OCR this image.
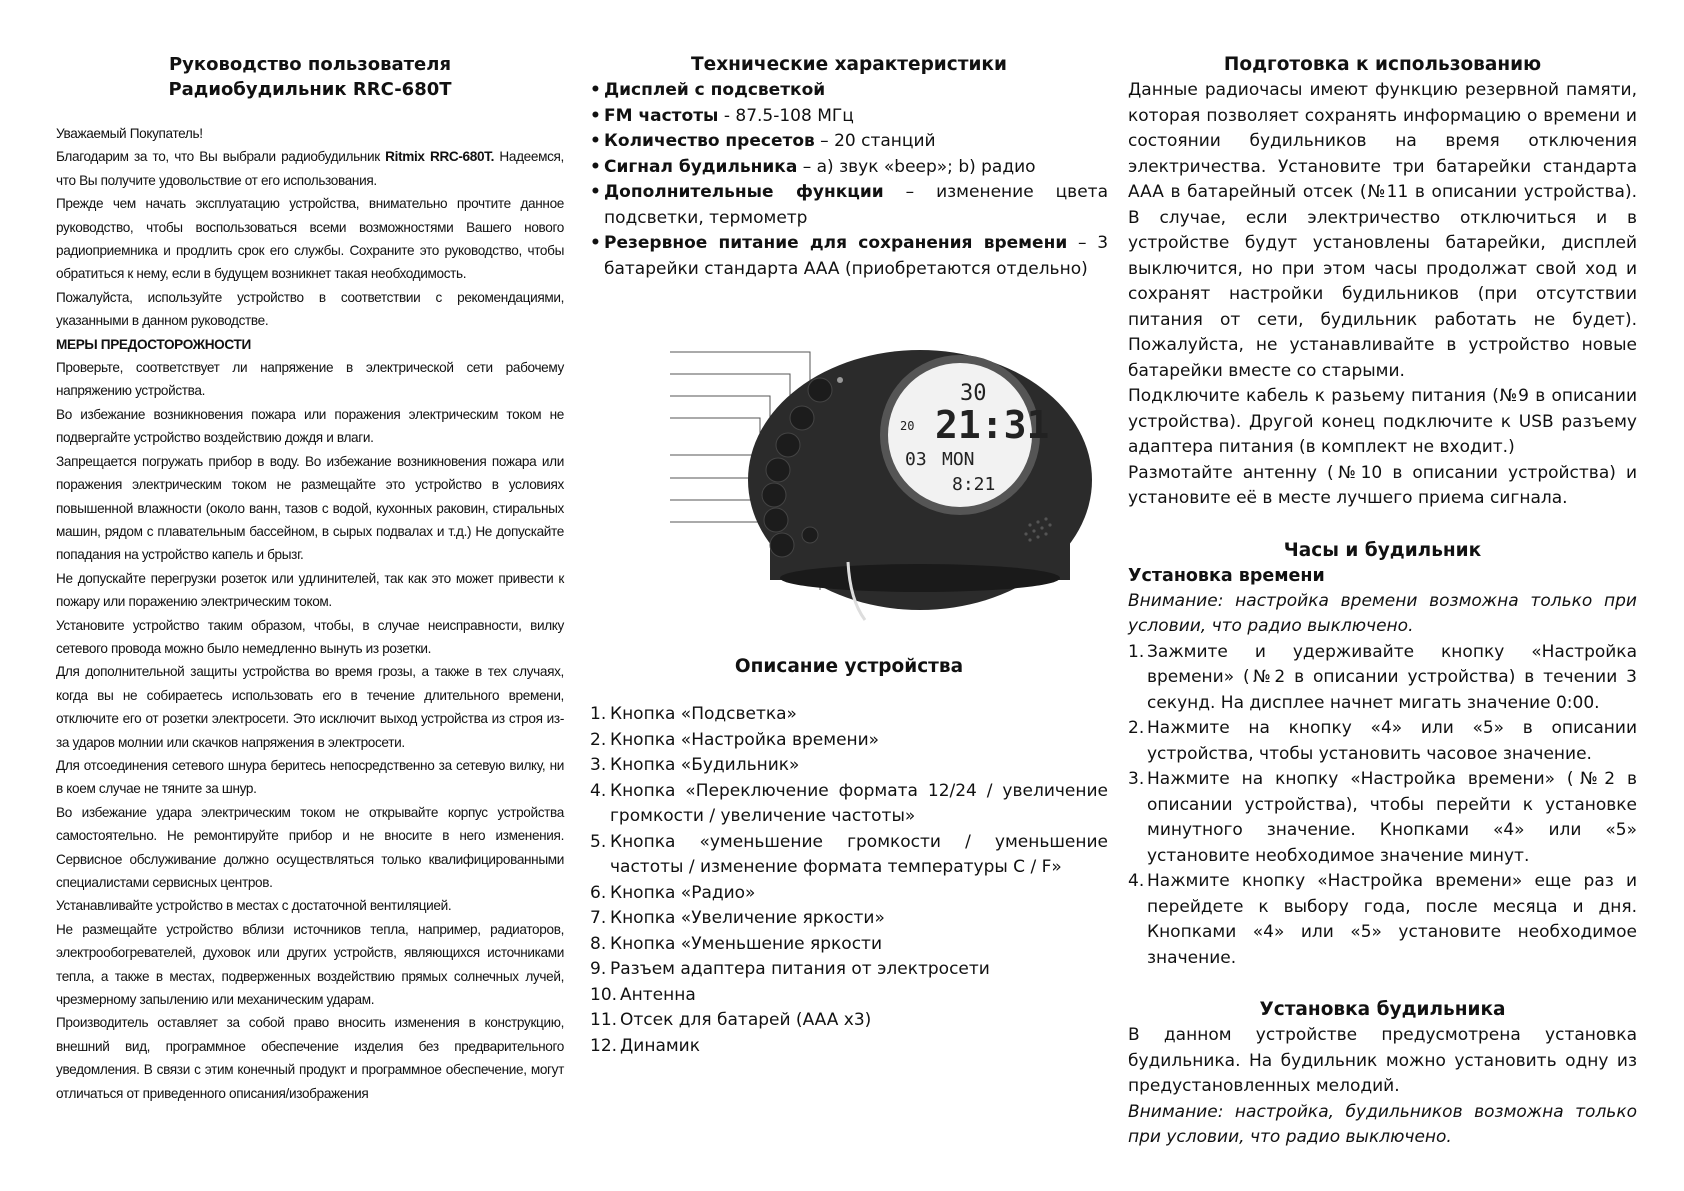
Руководство пользователя
Радиобудильник RRC-680T

Уважаемый Покупатель!

Благодарим за то, что Вы выбрали радиобудильник Ritmix RRC-680T. Надеемся, что Вы получите удовольствие от его использования.

Прежде чем начать эксплуатацию устройства, внимательно прочтите данное руководство, чтобы воспользоваться всеми возможностями Вашего нового радиоприемника и продлить срок его службы. Сохраните это руководство, чтобы обратиться к нему, если в будущем возникнет такая необходимость.

Пожалуйста, используйте устройство в соответствии с рекомендациями, указанными в данном руководстве.

МЕРЫ ПРЕДОСТОРОЖНОСТИ

Проверьте, соответствует ли напряжение в электрической сети рабочему напряжению устройства.

Во избежание возникновения пожара или поражения электрическим током не подвергайте устройство воздействию дождя и влаги.

Запрещается погружать прибор в воду. Во избежание возникновения пожара или поражения электрическим током не размещайте это устройство в условиях повышенной влажности (около ванн, тазов с водой, кухонных раковин, стиральных машин, рядом с плавательным бассейном, в сырых подвалах и т.д.) Не допускайте попадания на устройство капель и брызг.

Не допускайте перегрузки розеток или удлинителей, так как это может привести к пожару или поражению электрическим током.

Установите устройство таким образом, чтобы, в случае неисправности, вилку сетевого провода можно было немедленно вынуть из розетки.

Для дополнительной защиты устройства во время грозы, а также в тех случаях, когда вы не собираетесь использовать его в течение длительного времени, отключите его от розетки электросети. Это исключит выход устройства из строя из-за ударов молнии или скачков напряжения в электросети.

Для отсоединения сетевого шнура беритесь непосредственно за сетевую вилку, ни в коем случае не тяните за шнур.

Во избежание удара электрическим током не открывайте корпус устройства самостоятельно. Не ремонтируйте прибор и не вносите в него изменения. Сервисное обслуживание должно осуществляться только квалифицированными специалистами сервисных центров.

Устанавливайте устройство в местах с достаточной вентиляцией.

Не размещайте устройство вблизи источников тепла, например, радиаторов, электрообогревателей, духовок или других устройств, являющихся источниками тепла, а также в местах, подверженных воздействию прямых солнечных лучей, чрезмерному запылению или механическим ударам.

Производитель оставляет за собой право вносить изменения в конструкцию, внешний вид, программное обеспечение изделия без предварительного уведомления. В связи с этим конечный продукт и программное обеспечение, могут отличаться от приведенного описания/изображения

Технические характеристики
• Дисплей с подсветкой
• FM частоты - 87.5-108 МГц
• Количество пресетов – 20 станций
• Сигнал будильника – а) звук «beep»; b) радио
• Дополнительные функции – изменение цвета подсветки, термометр
• Резервное питание для сохранения времени – 3 батарейки стандарта AAA (приобретаются отдельно)
Описание устройства
1. Кнопка «Подсветка»
2. Кнопка «Настройка времени»
3. Кнопка «Будильник»
4. Кнопка «Переключение формата 12/24 / увеличение громкости / увеличение частоты»
5. Кнопка «уменьшение громкости / уменьшение частоты / изменение формата температуры С / F»
6. Кнопка «Радио»
7. Кнопка «Увеличение яркости»
8. Кнопка «Уменьшение яркости
9. Разъем адаптера питания от электросети
10. Антенна
11. Отсек для батарей (AAA x3)
12. Динамик
30
21:31
20
03 MON
8:21
Подготовка к использованию

Данные радиочасы имеют функцию резервной памяти, которая позволяет сохранять информацию о времени и состоянии будильников на время отключения электричества. Установите три батарейки стандарта AAA в батарейный отсек (№11 в описании устройства). В случае, если электричество отключиться и в устройстве будут установлены батарейки, дисплей выключится, но при этом часы продолжат свой ход и сохранят настройки будильников (при отсутствии питания от сети, будильник работать не будет). Пожалуйста, не устанавливайте в устройство новые батарейки вместе со старыми.

Подключите кабель к разьему питания (№9 в описании устройства). Другой конец подключите к USB разъему адаптера питания (в комплект не входит.)

Размотайте антенну (№10 в описании устройства) и установите её в месте лучшего приема сигнала.

Часы и будильник
Установка времени

Внимание: настройка времени возможна только при условии, что радио выключено.

1. Зажмите и удерживайте кнопку «Настройка времени» (№2 в описании устройства) в течении 3 секунд. На дисплее начнет мигать значение 0:00.
2. Нажмите на кнопку «4» или «5» в описании устройства, чтобы установить часовое значение.
3. Нажмите на кнопку «Настройка времени» (№2 в описании устройства), чтобы перейти к установке минутного значение. Кнопками «4» или «5» установите необходимое значение минут.
4. Нажмите кнопку «Настройка времени» еще раз и перейдете к выбору года, после месяца и дня. Кнопками «4» или «5» установите необходимое значение.
Установка будильника

В данном устройстве предусмотрена установка будильника. На будильник можно установить одну из предустановленных мелодий.

Внимание: настройка, будильников возможна только при условии, что радио выключено.
